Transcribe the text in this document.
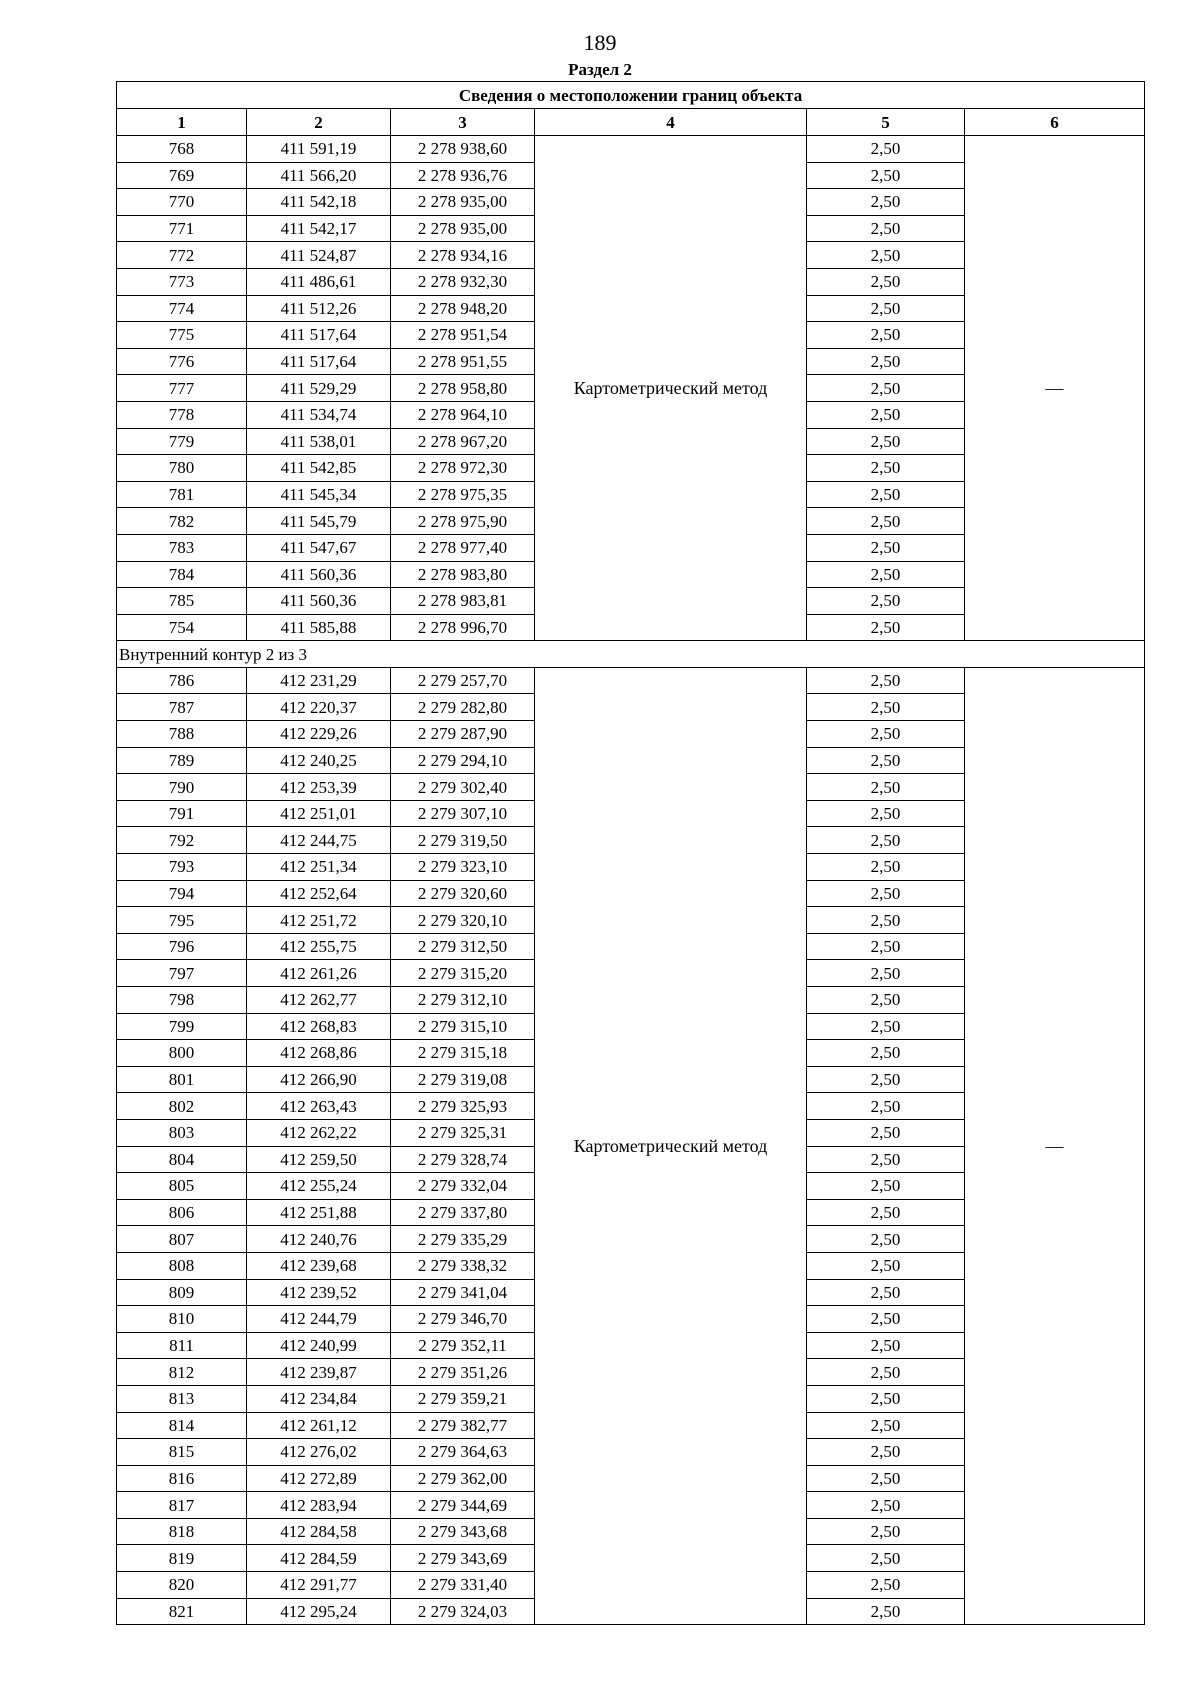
189
Раздел 2
Сведения о местоположении границ объекта					
1	2	3	4	5	6
768	411 591,19	2 278 938,60	Картометрический метод	2,50	—
769	411 566,20	2 278 936,76		2,50	
770	411 542,18	2 278 935,00		2,50	
771	411 542,17	2 278 935,00		2,50	
772	411 524,87	2 278 934,16		2,50	
773	411 486,61	2 278 932,30		2,50	
774	411 512,26	2 278 948,20		2,50	
775	411 517,64	2 278 951,54		2,50	
776	411 517,64	2 278 951,55		2,50	
777	411 529,29	2 278 958,80		2,50	
778	411 534,74	2 278 964,10		2,50	
779	411 538,01	2 278 967,20		2,50	
780	411 542,85	2 278 972,30		2,50	
781	411 545,34	2 278 975,35		2,50	
782	411 545,79	2 278 975,90		2,50	
783	411 547,67	2 278 977,40		2,50	
784	411 560,36	2 278 983,80		2,50	
785	411 560,36	2 278 983,81		2,50	
754	411 585,88	2 278 996,70		2,50	
Внутренний контур 2 из 3					
786	412 231,29	2 279 257,70	Картометрический метод	2,50	—
787	412 220,37	2 279 282,80		2,50	
788	412 229,26	2 279 287,90		2,50	
789	412 240,25	2 279 294,10		2,50	
790	412 253,39	2 279 302,40		2,50	
791	412 251,01	2 279 307,10		2,50	
792	412 244,75	2 279 319,50		2,50	
793	412 251,34	2 279 323,10		2,50	
794	412 252,64	2 279 320,60		2,50	
795	412 251,72	2 279 320,10		2,50	
796	412 255,75	2 279 312,50		2,50	
797	412 261,26	2 279 315,20		2,50	
798	412 262,77	2 279 312,10		2,50	
799	412 268,83	2 279 315,10		2,50	
800	412 268,86	2 279 315,18		2,50	
801	412 266,90	2 279 319,08		2,50	
802	412 263,43	2 279 325,93		2,50	
803	412 262,22	2 279 325,31		2,50	
804	412 259,50	2 279 328,74		2,50	
805	412 255,24	2 279 332,04		2,50	
806	412 251,88	2 279 337,80		2,50	
807	412 240,76	2 279 335,29		2,50	
808	412 239,68	2 279 338,32		2,50	
809	412 239,52	2 279 341,04		2,50	
810	412 244,79	2 279 346,70		2,50	
811	412 240,99	2 279 352,11		2,50	
812	412 239,87	2 279 351,26		2,50	
813	412 234,84	2 279 359,21		2,50	
814	412 261,12	2 279 382,77		2,50	
815	412 276,02	2 279 364,63		2,50	
816	412 272,89	2 279 362,00		2,50	
817	412 283,94	2 279 344,69		2,50	
818	412 284,58	2 279 343,68		2,50	
819	412 284,59	2 279 343,69		2,50	
820	412 291,77	2 279 331,40		2,50	
821	412 295,24	2 279 324,03		2,50	
